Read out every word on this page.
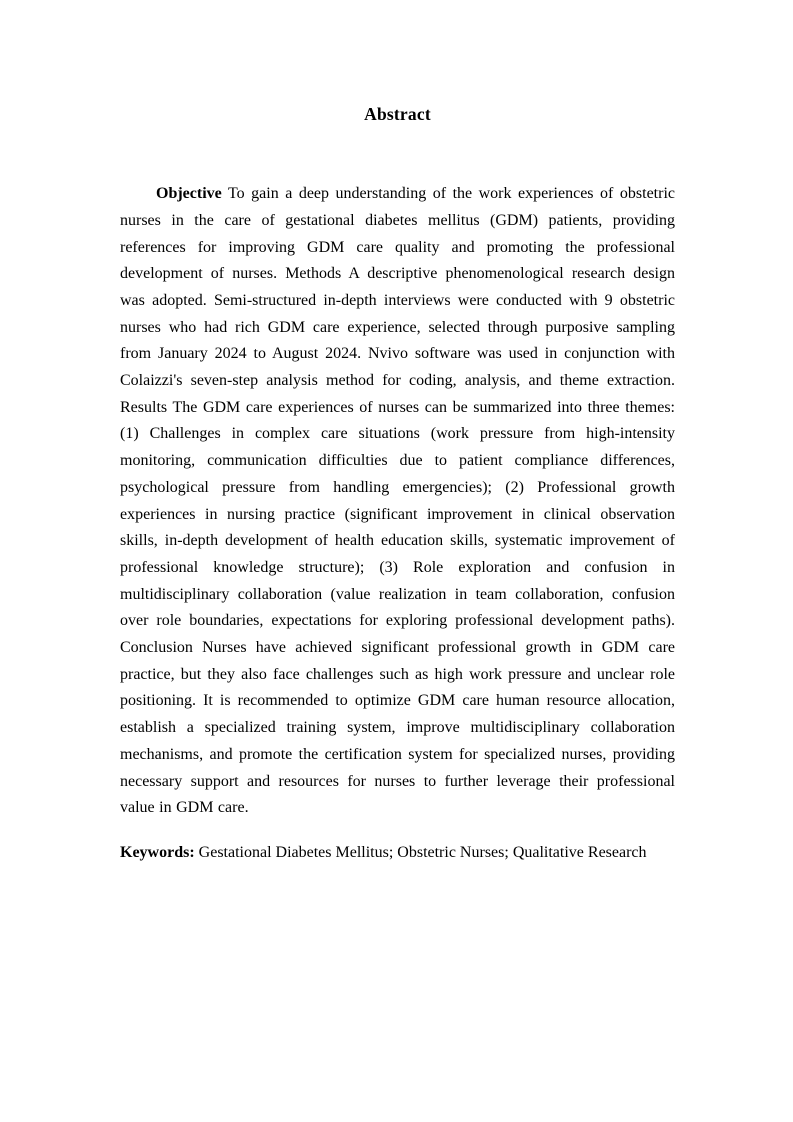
Abstract

Objective To gain a deep understanding of the work experiences of obstetric nurses in the care of gestational diabetes mellitus (GDM) patients, providing references for improving GDM care quality and promoting the professional development of nurses. Methods A descriptive phenomenological research design was adopted. Semi-structured in-depth interviews were conducted with 9 obstetric nurses who had rich GDM care experience, selected through purposive sampling from January 2024 to August 2024. Nvivo software was used in conjunction with Colaizzi's seven-step analysis method for coding, analysis, and theme extraction. Results The GDM care experiences of nurses can be summarized into three themes: (1) Challenges in complex care situations (work pressure from high-intensity monitoring, communication difficulties due to patient compliance differences, psychological pressure from handling emergencies); (2) Professional growth experiences in nursing practice (significant improvement in clinical observation skills, in-depth development of health education skills, systematic improvement of professional knowledge structure); (3) Role exploration and confusion in multidisciplinary collaboration (value realization in team collaboration, confusion over role boundaries, expectations for exploring professional development paths). Conclusion Nurses have achieved significant professional growth in GDM care practice, but they also face challenges such as high work pressure and unclear role positioning. It is recommended to optimize GDM care human resource allocation, establish a specialized training system, improve multidisciplinary collaboration mechanisms, and promote the certification system for specialized nurses, providing necessary support and resources for nurses to further leverage their professional value in GDM care.

Keywords: Gestational Diabetes Mellitus; Obstetric Nurses; Qualitative Research
